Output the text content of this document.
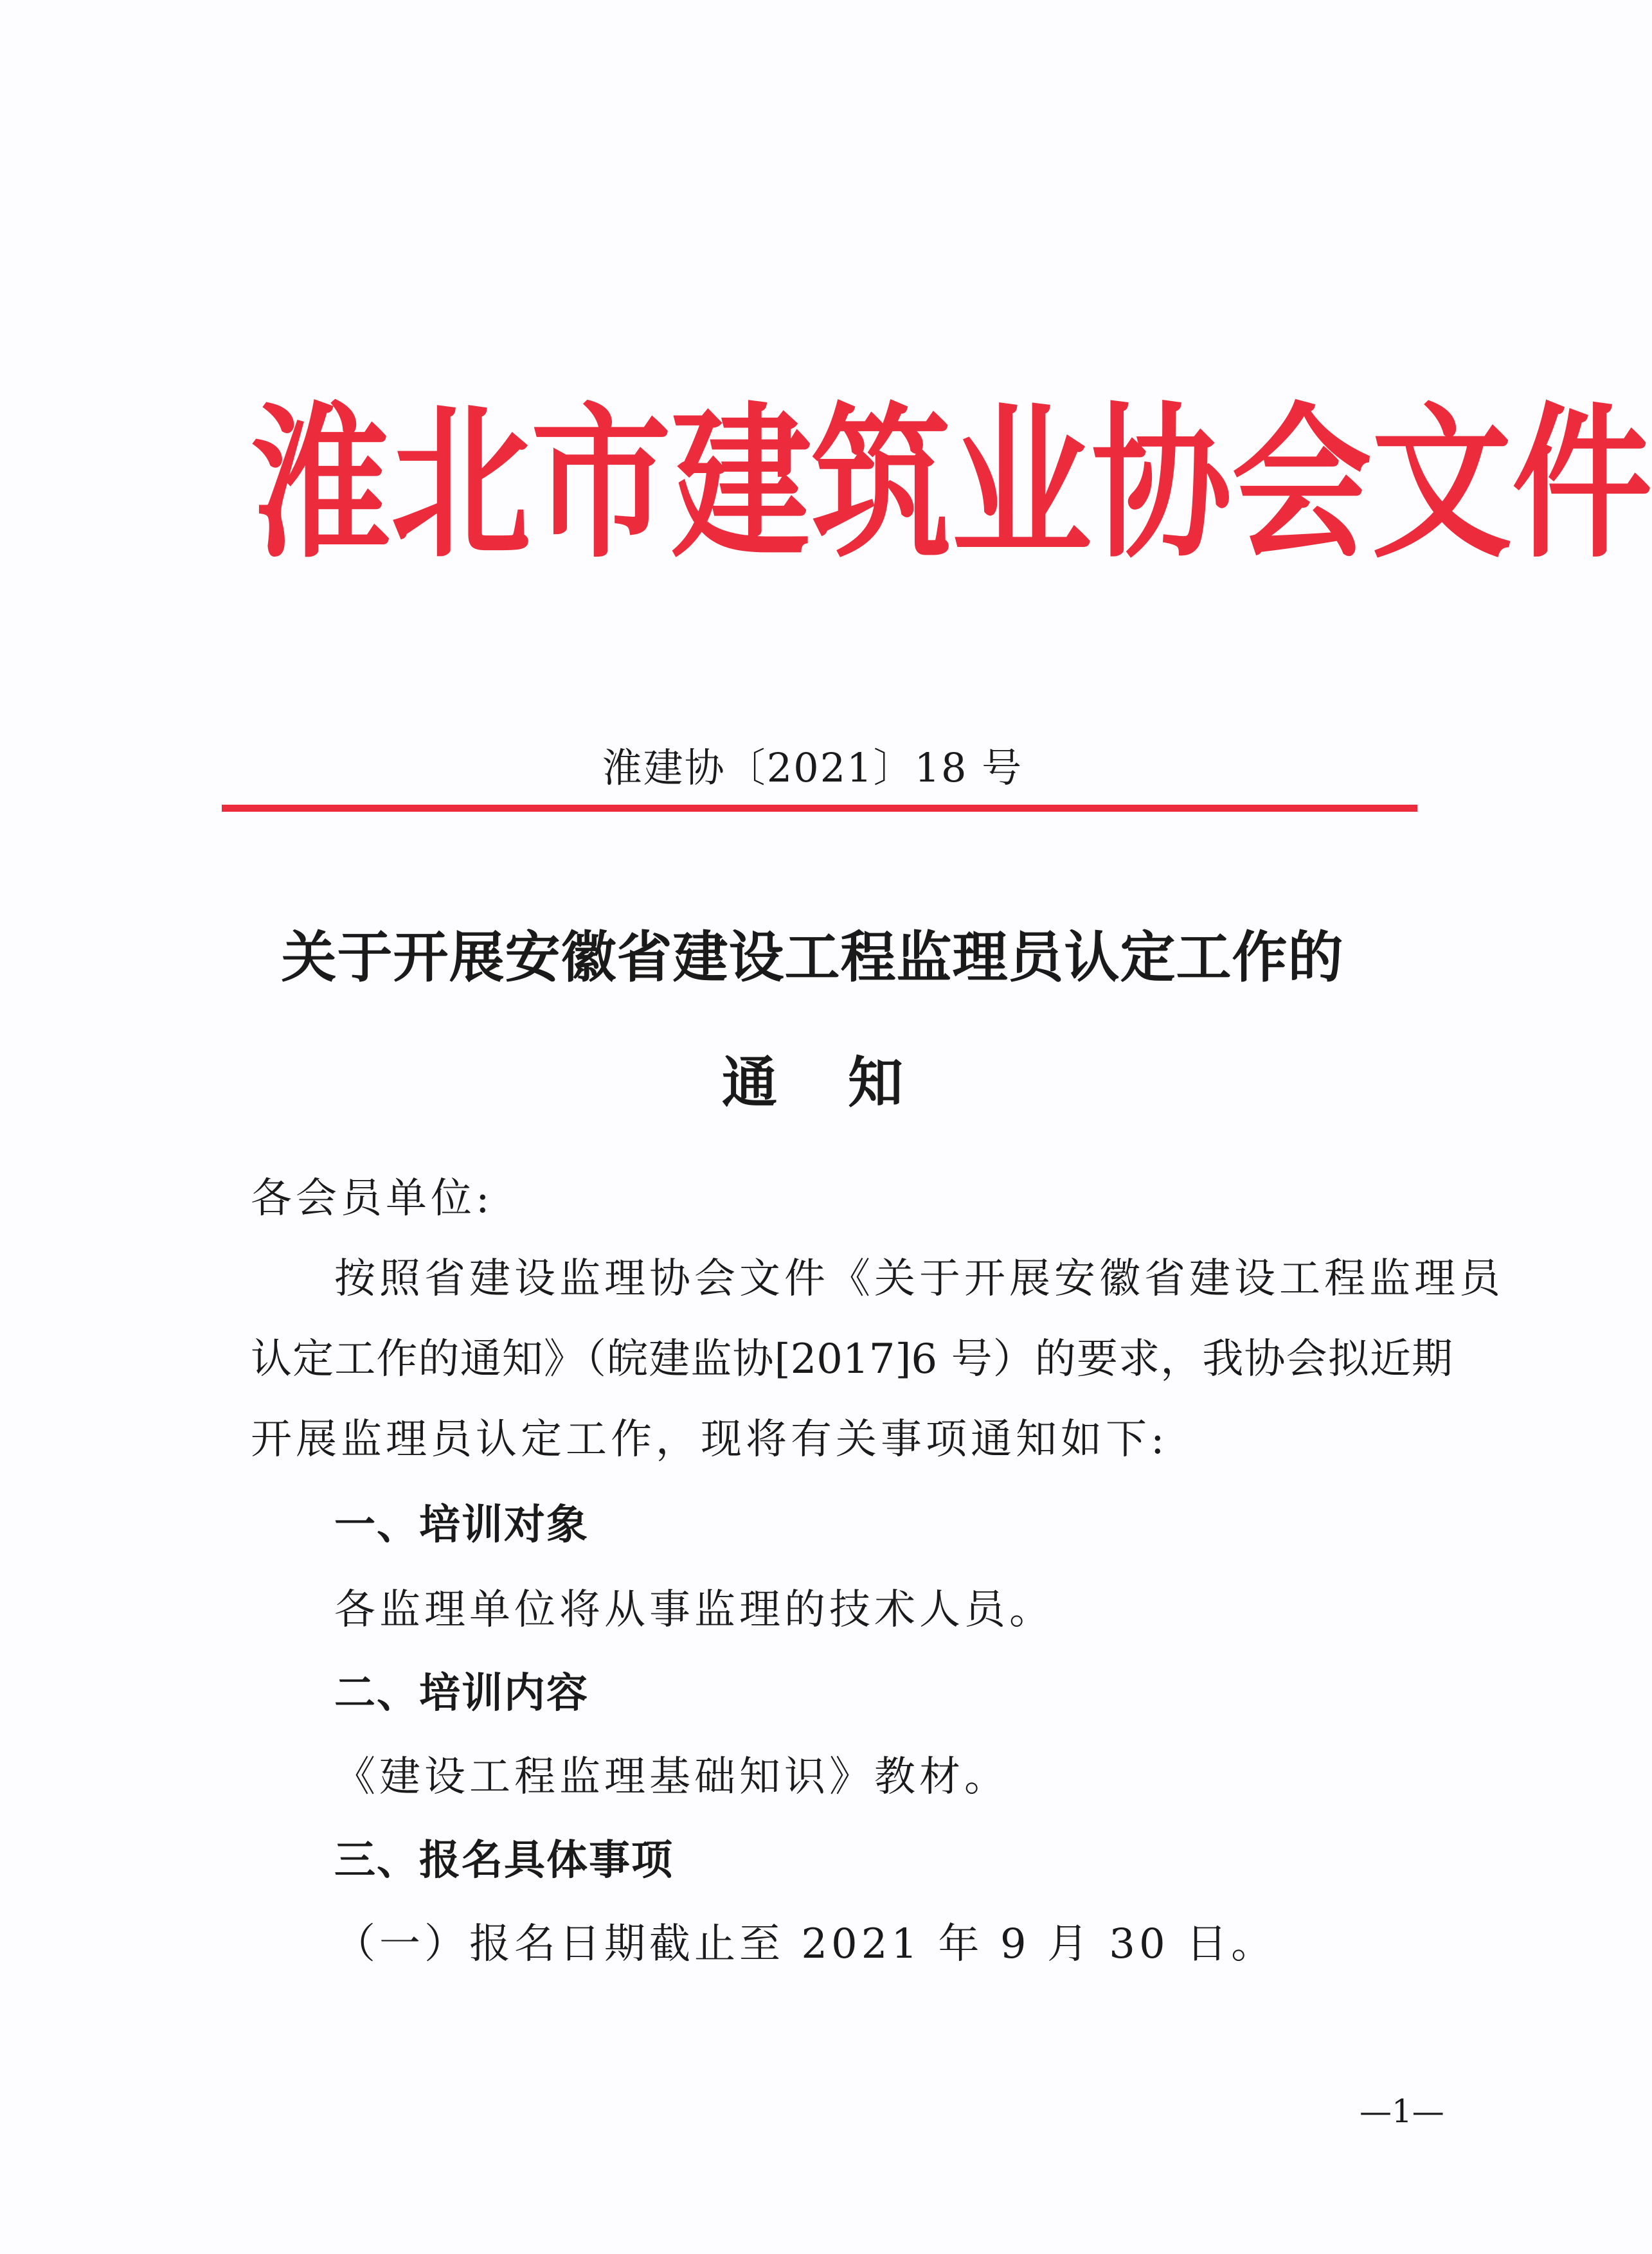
淮 北 市 建 筑 业 协 会 文 件
淮建协〔2021〕18 号
关于开展安徽省建设工程监理员认定工作的
通 知
各会员单位:
按照省建设监理协会文件《关于开展安徽省建设工程监理员
认定工作的通知》（皖建监协[2017]6 号）的要求，我协会拟近期
开展监理员认定工作，现将有关事项通知如下:
一、培训对象
各监理单位将从事监理的技术人员。
二、培训内容
《建设工程监理基础知识》教材。
三、报名具体事项
（一）报名日期截止至 2021 年 9 月 30 日。
—1—
